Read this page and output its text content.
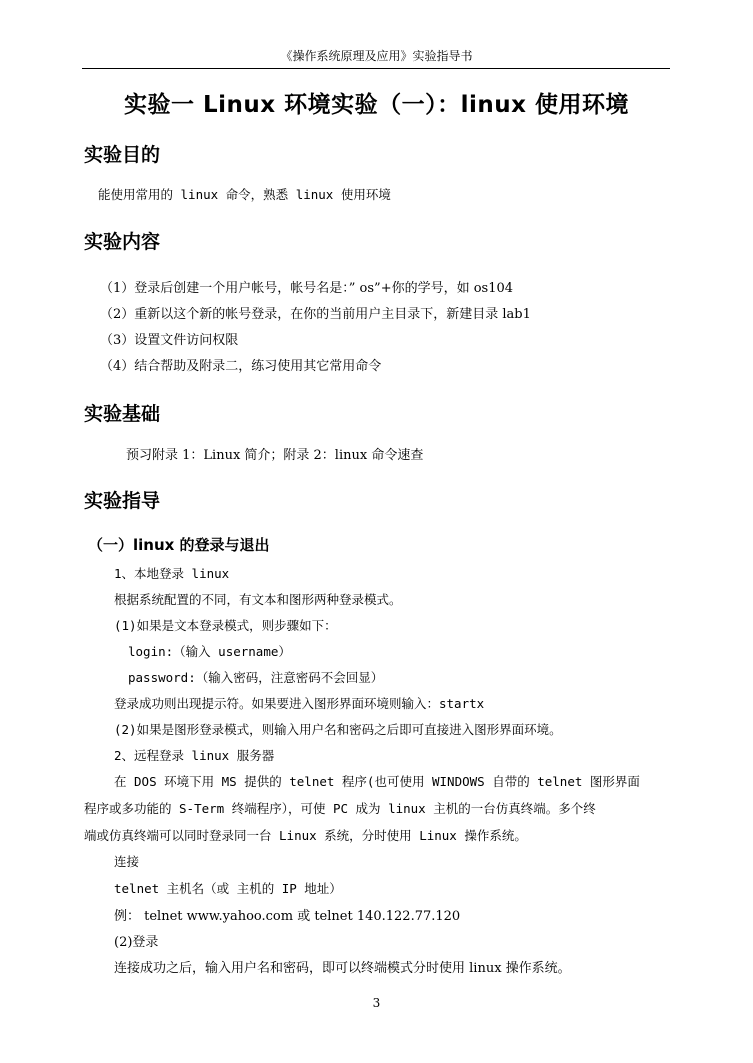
《操作系统原理及应用》实验指导书
实验一 Linux 环境实验（一）：linux 使用环境
实验目的
能使用常用的 linux 命令，熟悉 linux 使用环境
实验内容
（1）登录后创建一个用户帐号，帐号名是：” os”+你的学号，如 os104
（2）重新以这个新的帐号登录，在你的当前用户主目录下，新建目录 lab1
（3）设置文件访问权限
（4）结合帮助及附录二，练习使用其它常用命令
实验基础
预习附录 1：Linux 简介；附录 2：linux 命令速查
实验指导
（一）linux 的登录与退出
1、本地登录 linux
根据系统配置的不同，有文本和图形两种登录模式。
(1)如果是文本登录模式，则步骤如下：
login:（输入 username）
password:（输入密码，注意密码不会回显）
登录成功则出现提示符。如果要进入图形界面环境则输入：startx
(2)如果是图形登录模式，则输入用户名和密码之后即可直接进入图形界面环境。
2、远程登录 linux 服务器
在 DOS 环境下用 MS 提供的 telnet 程序(也可使用 WINDOWS 自带的 telnet 图形界面
程序或多功能的 S-Term 终端程序），可使 PC 成为 linux 主机的一台仿真终端。多个终
端或仿真终端可以同时登录同一台 Linux 系统，分时使用 Linux 操作系统。
连接
telnet 主机名（或 主机的 IP 地址）
例： telnet www.yahoo.com 或 telnet 140.122.77.120
(2)登录
连接成功之后，输入用户名和密码，即可以终端模式分时使用 linux 操作系统。
3
